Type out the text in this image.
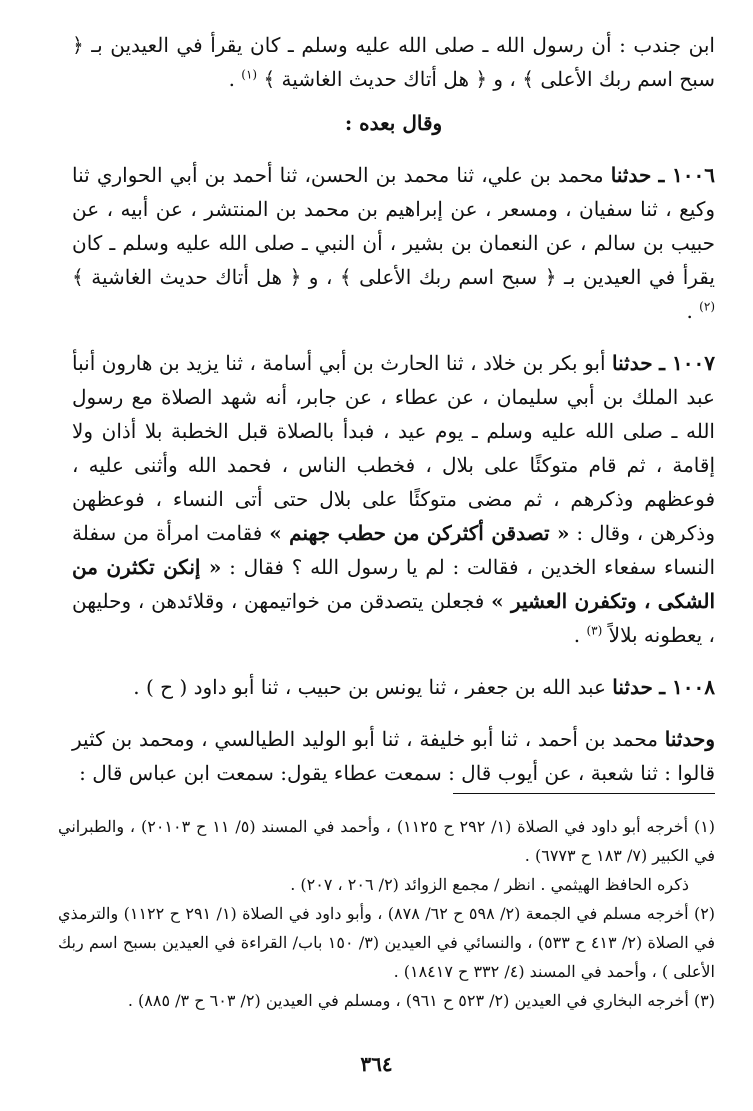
ابن جندب : أن رسول الله ـ صلى الله عليه وسلم ـ كان يقرأ في العيدين بـ ﴿ سبح اسم ربك الأعلى ﴾ ، و ﴿ هل أتاك حديث الغاشية ﴾ $^{(١)}$ .

وقال بعده :

١٠٠٦ ـ حدثنا محمد بن علي، ثنا محمد بن الحسن، ثنا أحمد بن أبي الحواري ثنا وكيع ، ثنا سفيان ، ومسعر ، عن إبراهيم بن محمد بن المنتشر ، عن أبيه ، عن حبيب بن سالم ، عن النعمان بن بشير ، أن النبي ـ صلى الله عليه وسلم ـ كان يقرأ في العيدين بـ ﴿ سبح اسم ربك الأعلى ﴾ ، و ﴿ هل أتاك حديث الغاشية ﴾ $^{(٢)}$ .

١٠٠٧ ـ حدثنا أبو بكر بن خلاد ، ثنا الحارث بن أبي أسامة ، ثنا يزيد بن هارون أنبأ عبد الملك بن أبي سليمان ، عن عطاء ، عن جابر، أنه شهد الصلاة مع رسول الله ـ صلى الله عليه وسلم ـ يوم عيد ، فبدأ بالصلاة قبل الخطبة بلا أذان ولا إقامة ، ثم قام متوكئًا على بلال ، فخطب الناس ، فحمد الله وأثنى عليه ، فوعظهم وذكرهم ، ثم مضى متوكئًا على بلال حتى أتى النساء ، فوعظهن وذكرهن ، وقال : « تصدقن أكثركن من حطب جهنم » فقامت امرأة من سفلة النساء سفعاء الخدين ، فقالت : لم يا رسول الله ؟ فقال : « إنكن تكثرن من الشكى ، وتكفرن العشير » فجعلن يتصدقن من خواتيمهن ، وقلائدهن ، وحليهن ، يعطونه بلالاً $^{(٣)}$ .

١٠٠٨ ـ حدثنا عبد الله بن جعفر ، ثنا يونس بن حبيب ، ثنا أبو داود ( ح ) .

وحدثنا محمد بن أحمد ، ثنا أبو خليفة ، ثنا أبو الوليد الطيالسي ، ومحمد بن كثير قالوا : ثنا شعبة ، عن أيوب قال : سمعت عطاء يقول: سمعت ابن عباس قال :

(١) أخرجه أبو داود في الصلاة (١/ ٢٩٢ ح ١١٢٥) ، وأحمد في المسند (٥/ ١١ ح ٢٠١٠٣) ، والطبراني في الكبير (٧/ ١٨٣ ح ٦٧٧٣) .

ذكره الحافظ الهيثمي . انظر / مجمع الزوائد (٢/ ٢٠٦ ، ٢٠٧) .

(٢) أخرجه مسلم في الجمعة (٢/ ٥٩٨ ح ٦٢/ ٨٧٨) ، وأبو داود في الصلاة (١/ ٢٩١ ح ١١٢٢) والترمذي في الصلاة (٢/ ٤١٣ ح ٥٣٣) ، والنسائي في العيدين (٣/ ١٥٠ باب/ القراءة في العيدين بسبح اسم ربك الأعلى ) ، وأحمد في المسند (٤/ ٣٣٢ ح ١٨٤١٧) .

(٣) أخرجه البخاري في العيدين (٢/ ٥٢٣ ح ٩٦١) ، ومسلم في العيدين (٢/ ٦٠٣ ح ٣/ ٨٨٥) .

٣٦٤
